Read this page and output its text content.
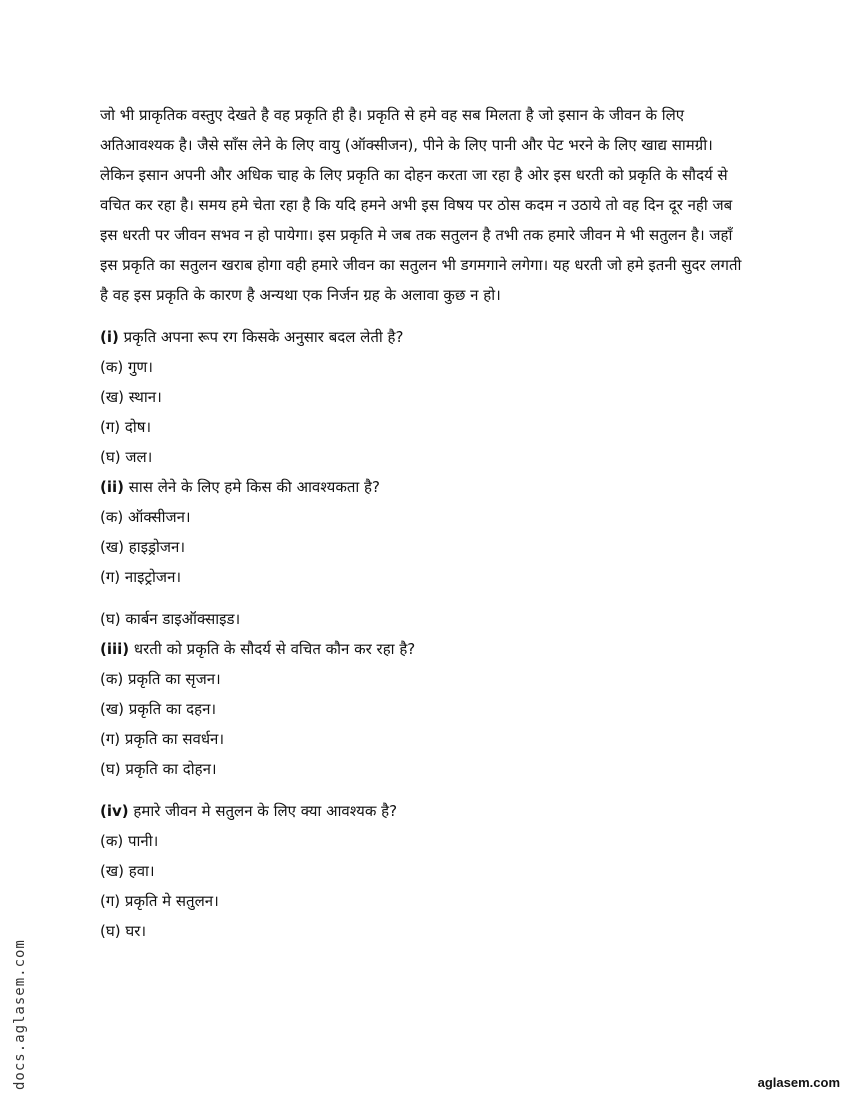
जो भी प्राकृतिक वस्तुए देखते है वह प्रकृति ही है। प्रकृति से हमे वह सब मिलता है जो इसान के जीवन के लिए अतिआवश्यक है। जैसे साँस लेने के लिए वायु (ऑक्सीजन), पीने के लिए पानी और पेट भरने के लिए खाद्य सामग्री। लेकिन इसान अपनी और अधिक चाह के लिए प्रकृति का दोहन करता जा रहा है ओर इस धरती को प्रकृति के सौदर्य से वचित कर रहा है। समय हमे चेता रहा है कि यदि हमने अभी इस विषय पर ठोस कदम न उठाये तो वह दिन दूर नही जब इस धरती पर जीवन सभव न हो पायेगा। इस प्रकृति मे जब तक सतुलन है तभी तक हमारे जीवन मे भी सतुलन है। जहाँ इस प्रकृति का सतुलन खराब होगा वही हमारे जीवन का सतुलन भी डगमगाने लगेगा। यह धरती जो हमे इतनी सुदर लगती है वह इस प्रकृति के कारण है अन्यथा एक निर्जन ग्रह के अलावा कुछ न हो।

(i) प्रकृति अपना रूप रग किसके अनुसार बदल लेती है?

(क) गुण।

(ख) स्थान।

(ग) दोष।

(घ) जल।

(ii) सास लेने के लिए हमे किस की आवश्यकता है?

(क) ऑक्सीजन।

(ख) हाइड्रोजन।

(ग) नाइट्रोजन।

(घ) कार्बन डाइऑक्साइड।

(iii) धरती को प्रकृति के सौदर्य से वचित कौन कर रहा है?

(क) प्रकृति का सृजन।

(ख) प्रकृति का दहन।

(ग) प्रकृति का सवर्धन।

(घ) प्रकृति का दोहन।

(iv) हमारे जीवन मे सतुलन के लिए क्या आवश्यक है?

(क) पानी।

(ख) हवा।

(ग) प्रकृति मे सतुलन।

(घ) घर।

docs.aglasem.com	aglasem.com
